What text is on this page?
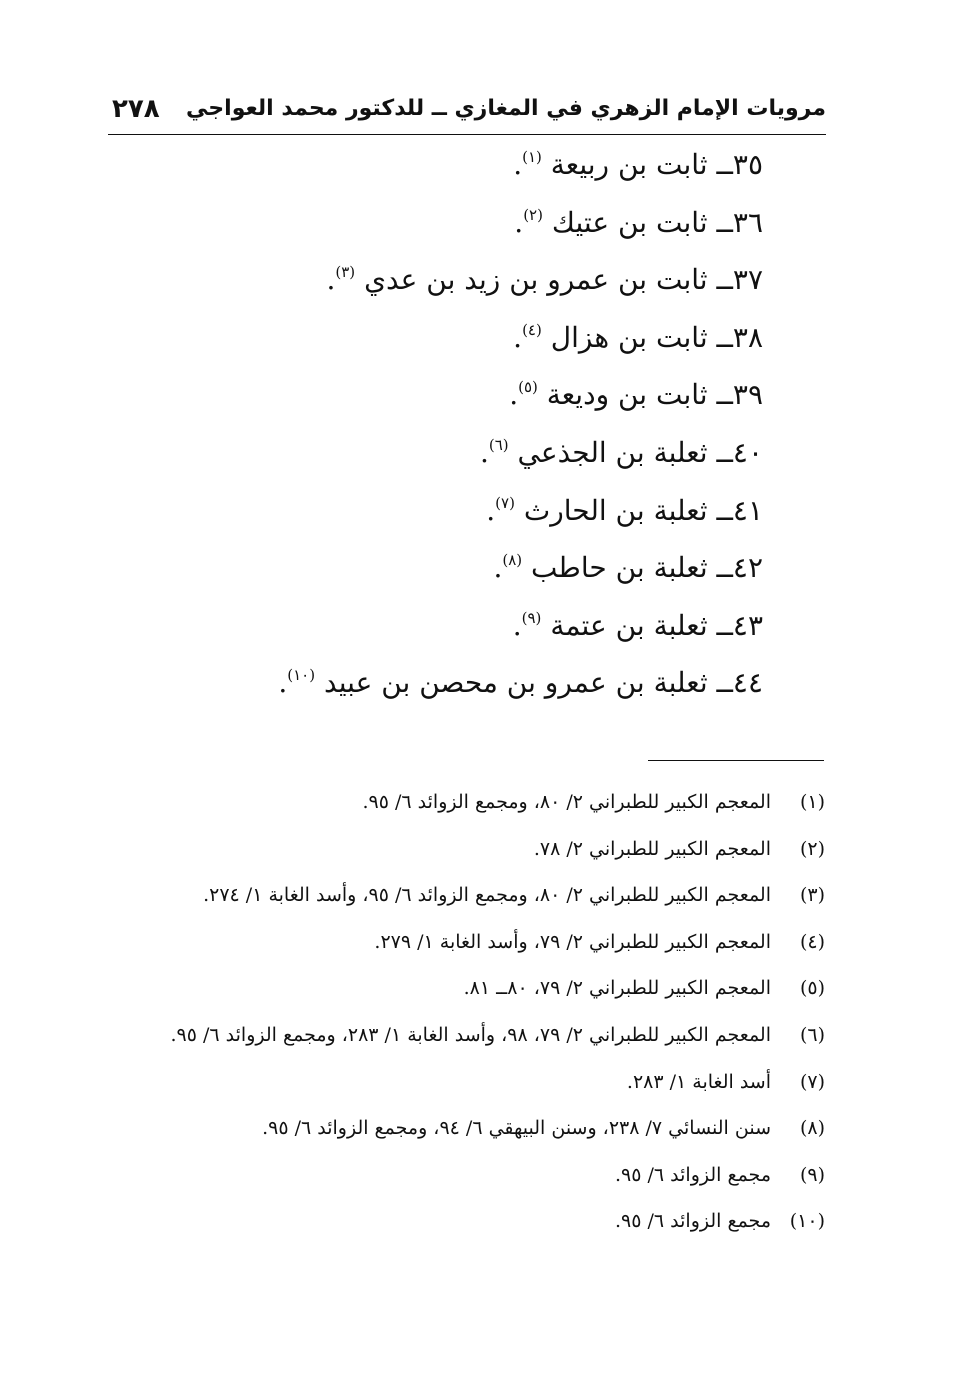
مرويات الإمام الزهري في المغازي ــ للدكتور محمد العواجي
٢٧٨
٣٥ــ ثابت بن ربيعة $^{(١)}$.
٣٦ــ ثابت بن عتيك $^{(٢)}$.
٣٧ــ ثابت بن عمرو بن زيد بن عدي $^{(٣)}$.
٣٨ــ ثابت بن هزال $^{(٤)}$.
٣٩ــ ثابت بن وديعة $^{(٥)}$.
٤٠ــ ثعلبة بن الجذعي $^{(٦)}$.
٤١ــ ثعلبة بن الحارث $^{(٧)}$.
٤٢ــ ثعلبة بن حاطب $^{(٨)}$.
٤٣ــ ثعلبة بن عتمة $^{(٩)}$.
٤٤ــ ثعلبة بن عمرو بن محصن بن عبيد $^{(١٠)}$.
(١)المعجم الكبير للطبراني ٢/ ٨٠، ومجمع الزوائد ٦/ ٩٥.
(٢)المعجم الكبير للطبراني ٢/ ٧٨.
(٣)المعجم الكبير للطبراني ٢/ ٨٠، ومجمع الزوائد ٦/ ٩٥، وأسد الغابة ١/ ٢٧٤.
(٤)المعجم الكبير للطبراني ٢/ ٧٩، وأسد الغابة ١/ ٢٧٩.
(٥)المعجم الكبير للطبراني ٢/ ٧٩، ٨٠ــ ٨١.
(٦)المعجم الكبير للطبراني ٢/ ٧٩، ٩٨، وأسد الغابة ١/ ٢٨٣، ومجمع الزوائد ٦/ ٩٥.
(٧)أسد الغابة ١/ ٢٨٣.
(٨)سنن النسائي ٧/ ٢٣٨، وسنن البيهقي ٦/ ٩٤، ومجمع الزوائد ٦/ ٩٥.
(٩)مجمع الزوائد ٦/ ٩٥.
(١٠)مجمع الزوائد ٦/ ٩٥.
